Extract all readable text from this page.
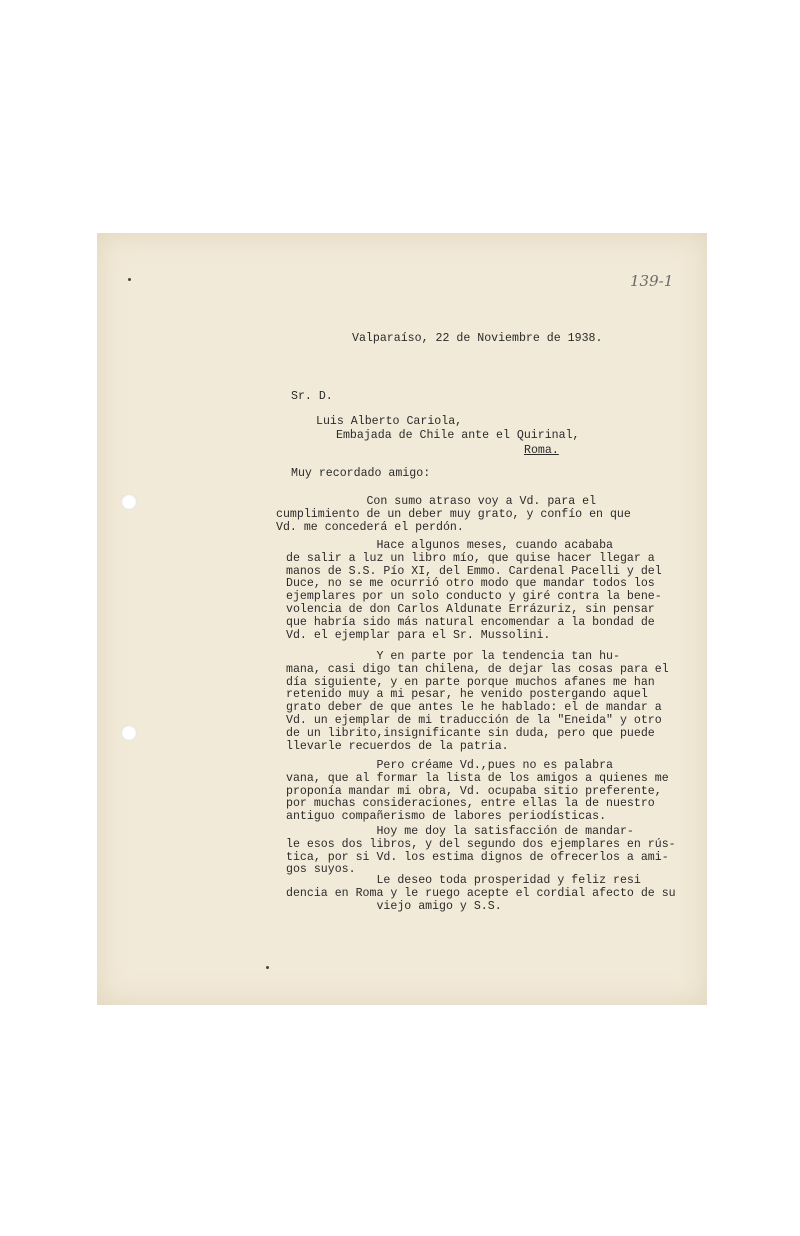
139-1
Valparaíso, 22 de Noviembre de 1938.
Sr. D.
Luis Alberto Cariola,
Embajada de Chile ante el Quirinal,
Roma.
Muy recordado amigo:
Con sumo atraso voy a Vd. para el
cumplimiento de un deber muy grato, y confío en que
Vd. me concederá el perdón.
Hace algunos meses, cuando acababa
de salir a luz un libro mío, que quise hacer llegar a
manos de S.S. Pío XI, del Emmo. Cardenal Pacelli y del
Duce, no se me ocurrió otro modo que mandar todos los
ejemplares por un solo conducto y giré contra la bene-
volencia de don Carlos Aldunate Errázuriz, sin pensar
que habría sido más natural encomendar a la bondad de
Vd. el ejemplar para el Sr. Mussolini.
Y en parte por la tendencia tan hu-
mana, casi digo tan chilena, de dejar las cosas para el
día siguiente, y en parte porque muchos afanes me han
retenido muy a mi pesar, he venido postergando aquel
grato deber de que antes le he hablado: el de mandar a
Vd. un ejemplar de mi traducción de la "Eneida" y otro
de un librito,insignificante sin duda, pero que puede
llevarle recuerdos de la patria.
Pero créame Vd.,pues no es palabra
vana, que al formar la lista de los amigos a quienes me
proponía mandar mi obra, Vd. ocupaba sitio preferente,
por muchas consideraciones, entre ellas la de nuestro
antiguo compañerismo de labores periodísticas.
Hoy me doy la satisfacción de mandar-
le esos dos libros, y del segundo dos ejemplares en rús-
tica, por si Vd. los estima dignos de ofrecerlos a ami-
gos suyos.
Le deseo toda prosperidad y feliz resi
dencia en Roma y le ruego acepte el cordial afecto de su
viejo amigo y S.S.
